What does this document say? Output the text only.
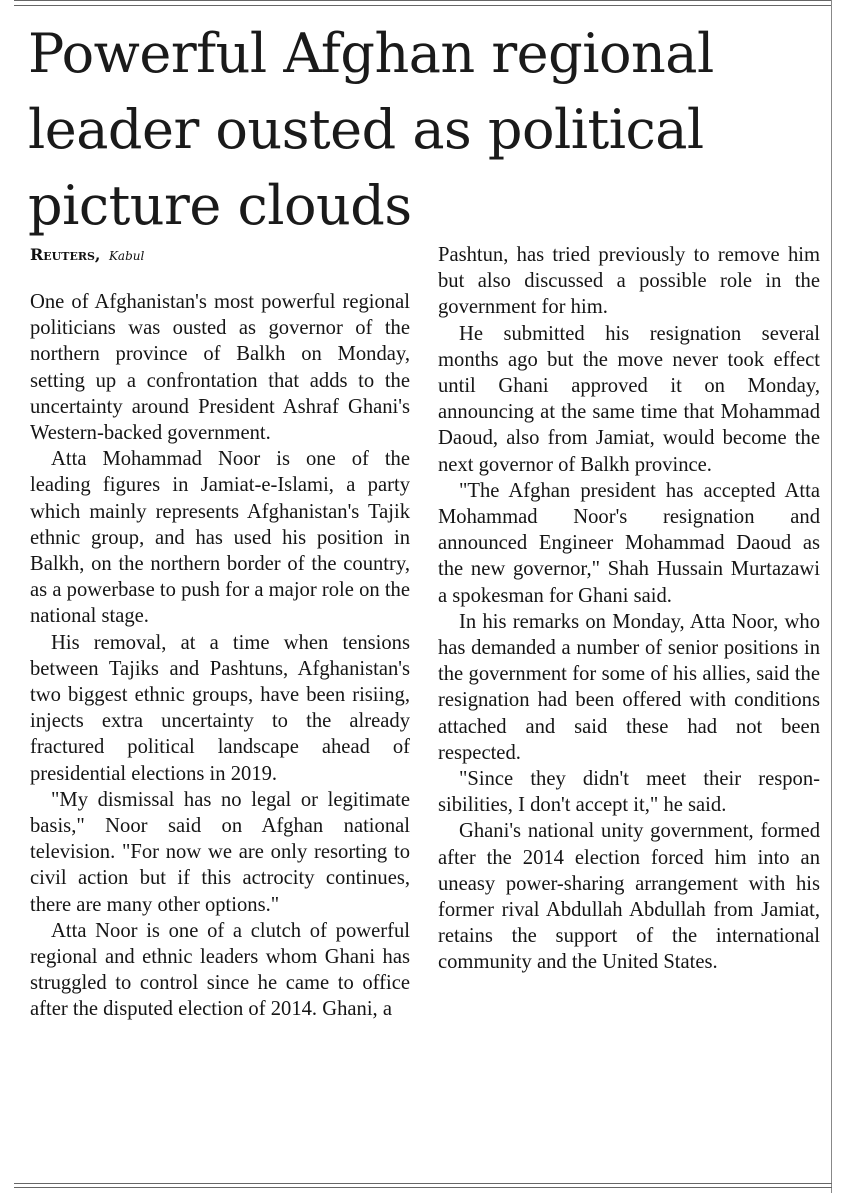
Powerful Afghan regional leader ousted as political picture clouds
Reuters, Kabul

One of Afghanistan's most powerful regional politicians was ousted as governor of the northern province of Balkh on Monday, setting up a confrontation that adds to the uncertainty around President Ashraf Ghani's Western-backed government.

Atta Mohammad Noor is one of the leading figures in Jamiat-e-Islami, a party which mainly represents Afghanistan's Tajik ethnic group, and has used his position in Balkh, on the northern border of the country, as a powerbase to push for a major role on the national stage.

His removal, at a time when tensions between Tajiks and Pashtuns, Afghanistan's two biggest ethnic groups, have been risiing, injects extra uncertainty to the already fractured political landscape ahead of presidential elections in 2019.

"My dismissal has no legal or legitimate basis," Noor said on Afghan national television. "For now we are only resorting to civil action but if this actrocity continues, there are many other options."

Atta Noor is one of a clutch of powerful regional and ethnic leaders whom Ghani has struggled to control since he came to office after the disputed election of 2014. Ghani, a

Pashtun, has tried previously to remove him but also discussed a possible role in the government for him.

He submitted his resignation several months ago but the move never took effect until Ghani approved it on Monday, announcing at the same time that Mohammad Daoud, also from Jamiat, would become the next governor of Balkh province.

"The Afghan president has accepted Atta Mohammad Noor's resignation and announced Engineer Mohammad Daoud as the new governor," Shah Hussain Murtazawi a spokesman for Ghani said.

In his remarks on Monday, Atta Noor, who has demanded a number of senior positions in the government for some of his allies, said the resignation had been offered with conditions attached and said these had not been respected.

"Since they didn't meet their responsibilities, I don't accept it," he said.

Ghani's national unity government, formed after the 2014 election forced him into an uneasy power-sharing arrangement with his former rival Abdullah Abdullah from Jamiat, retains the support of the international community and the United States.
